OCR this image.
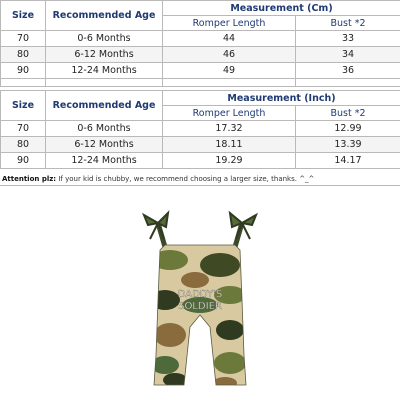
Size	Recommended Age	Measurement (Cm)	
		Romper Length	Bust *2
70	0-6 Months	44	33
80	6-12 Months	46	34
90	12-24 Months	49	36

Size	Recommended Age	Measurement (Inch)	
		Romper Length	Bust *2
70	0-6 Months	17.32	12.99
80	6-12 Months	18.11	13.39
90	12-24 Months	19.29	14.17
Attention plz: If your kid is chubby, we recommend choosing a larger size, thanks. ^_^
DADDY'S
SOLDIER
